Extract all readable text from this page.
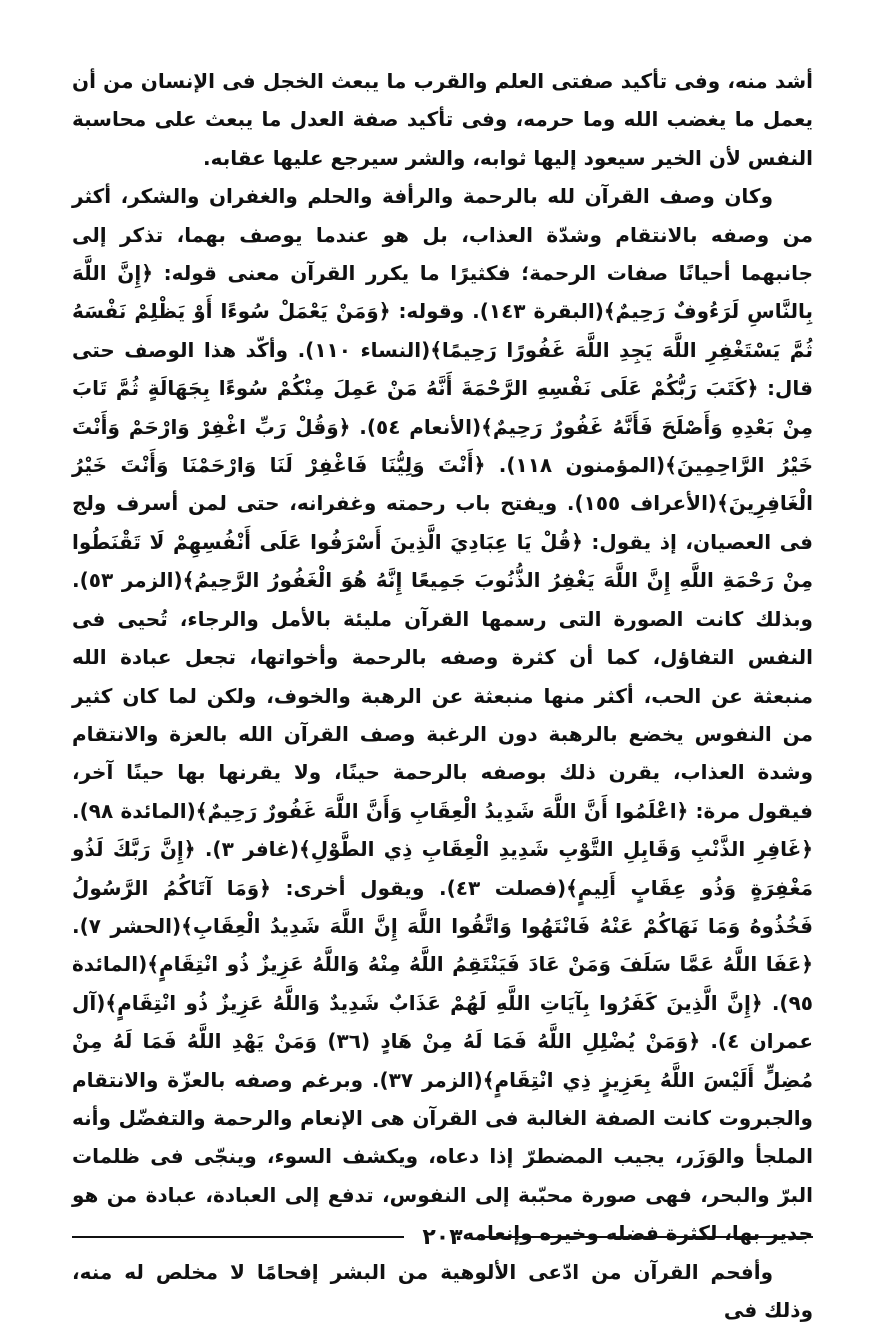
أشد منه، وفى تأكيد صفتى العلم والقرب ما يبعث الخجل فى الإنسان من أن يعمل ما يغضب الله وما حرمه، وفى تأكيد صفة العدل ما يبعث على محاسبة النفس لأن الخير سيعود إليها ثوابه، والشر سيرجع عليها عقابه.

وكان وصف القرآن لله بالرحمة والرأفة والحلم والغفران والشكر، أكثر من وصفه بالانتقام وشدّة العذاب، بل هو عندما يوصف بهما، تذكر إلى جانبهما أحيانًا صفات الرحمة؛ فكثيرًا ما يكرر القرآن معنى قوله: ﴿إِنَّ اللَّهَ بِالنَّاسِ لَرَءُوفٌ رَحِيمٌ﴾(البقرة ١٤٣). وقوله: ﴿وَمَنْ يَعْمَلْ سُوءًا أَوْ يَظْلِمْ نَفْسَهُ ثُمَّ يَسْتَغْفِرِ اللَّهَ يَجِدِ اللَّهَ غَفُورًا رَحِيمًا﴾(النساء ١١٠). وأكّد هذا الوصف حتى قال: ﴿كَتَبَ رَبُّكُمْ عَلَى نَفْسِهِ الرَّحْمَةَ أَنَّهُ مَنْ عَمِلَ مِنْكُمْ سُوءًا بِجَهَالَةٍ ثُمَّ تَابَ مِنْ بَعْدِهِ وَأَصْلَحَ فَأَنَّهُ غَفُورٌ رَحِيمٌ﴾(الأنعام ٥٤). ﴿وَقُلْ رَبِّ اغْفِرْ وَارْحَمْ وَأَنْتَ خَيْرُ الرَّاحِمِينَ﴾(المؤمنون ١١٨). ﴿أَنْتَ وَلِيُّنَا فَاغْفِرْ لَنَا وَارْحَمْنَا وَأَنْتَ خَيْرُ الْغَافِرِينَ﴾(الأعراف ١٥٥). ويفتح باب رحمته وغفرانه، حتى لمن أسرف ولج فى العصيان، إذ يقول: ﴿قُلْ يَا عِبَادِيَ الَّذِينَ أَسْرَفُوا عَلَى أَنْفُسِهِمْ لَا تَقْنَطُوا مِنْ رَحْمَةِ اللَّهِ إِنَّ اللَّهَ يَغْفِرُ الذُّنُوبَ جَمِيعًا إِنَّهُ هُوَ الْغَفُورُ الرَّحِيمُ﴾(الزمر ٥٣). وبذلك كانت الصورة التى رسمها القرآن مليئة بالأمل والرجاء، تُحيى فى النفس التفاؤل، كما أن كثرة وصفه بالرحمة وأخواتها، تجعل عبادة الله منبعثة عن الحب، أكثر منها منبعثة عن الرهبة والخوف، ولكن لما كان كثير من النفوس يخضع بالرهبة دون الرغبة وصف القرآن الله بالعزة والانتقام وشدة العذاب، يقرن ذلك بوصفه بالرحمة حينًا، ولا يقرنها بها حينًا آخر، فيقول مرة: ﴿اعْلَمُوا أَنَّ اللَّهَ شَدِيدُ الْعِقَابِ وَأَنَّ اللَّهَ غَفُورٌ رَحِيمٌ﴾(المائدة ٩٨). ﴿غَافِرِ الذَّنْبِ وَقَابِلِ التَّوْبِ شَدِيدِ الْعِقَابِ ذِي الطَّوْلِ﴾(غافر ٣). ﴿إِنَّ رَبَّكَ لَذُو مَغْفِرَةٍ وَذُو عِقَابٍ أَلِيمٍ﴾(فصلت ٤٣). ويقول أخرى: ﴿وَمَا آتَاكُمُ الرَّسُولُ فَخُذُوهُ وَمَا نَهَاكُمْ عَنْهُ فَانْتَهُوا وَاتَّقُوا اللَّهَ إِنَّ اللَّهَ شَدِيدُ الْعِقَابِ﴾(الحشر ٧). ﴿عَفَا اللَّهُ عَمَّا سَلَفَ وَمَنْ عَادَ فَيَنْتَقِمُ اللَّهُ مِنْهُ وَاللَّهُ عَزِيزٌ ذُو انْتِقَامٍ﴾(المائدة ٩٥). ﴿إِنَّ الَّذِينَ كَفَرُوا بِآيَاتِ اللَّهِ لَهُمْ عَذَابٌ شَدِيدٌ وَاللَّهُ عَزِيزٌ ذُو انْتِقَامٍ﴾(آل عمران ٤). ﴿وَمَنْ يُضْلِلِ اللَّهُ فَمَا لَهُ مِنْ هَادٍ (٣٦) وَمَنْ يَهْدِ اللَّهُ فَمَا لَهُ مِنْ مُضِلٍّ أَلَيْسَ اللَّهُ بِعَزِيزٍ ذِي انْتِقَامٍ﴾(الزمر ٣٧). وبرغم وصفه بالعزّة والانتقام والجبروت كانت الصفة الغالبة فى القرآن هى الإنعام والرحمة والتفضّل وأنه الملجأ والوَزَر، يجيب المضطرّ إذا دعاه، ويكشف السوء، وينجّى فى ظلمات البرّ والبحر، فهى صورة محبّبة إلى النفوس، تدفع إلى العبادة، عبادة من هو جدير بها، لكثرة فضله وخيره وإنعامه.

وأفحم القرآن من ادّعى الألوهية من البشر إفحامًا لا مخلص له منه، وذلك فى

٢٠٣
